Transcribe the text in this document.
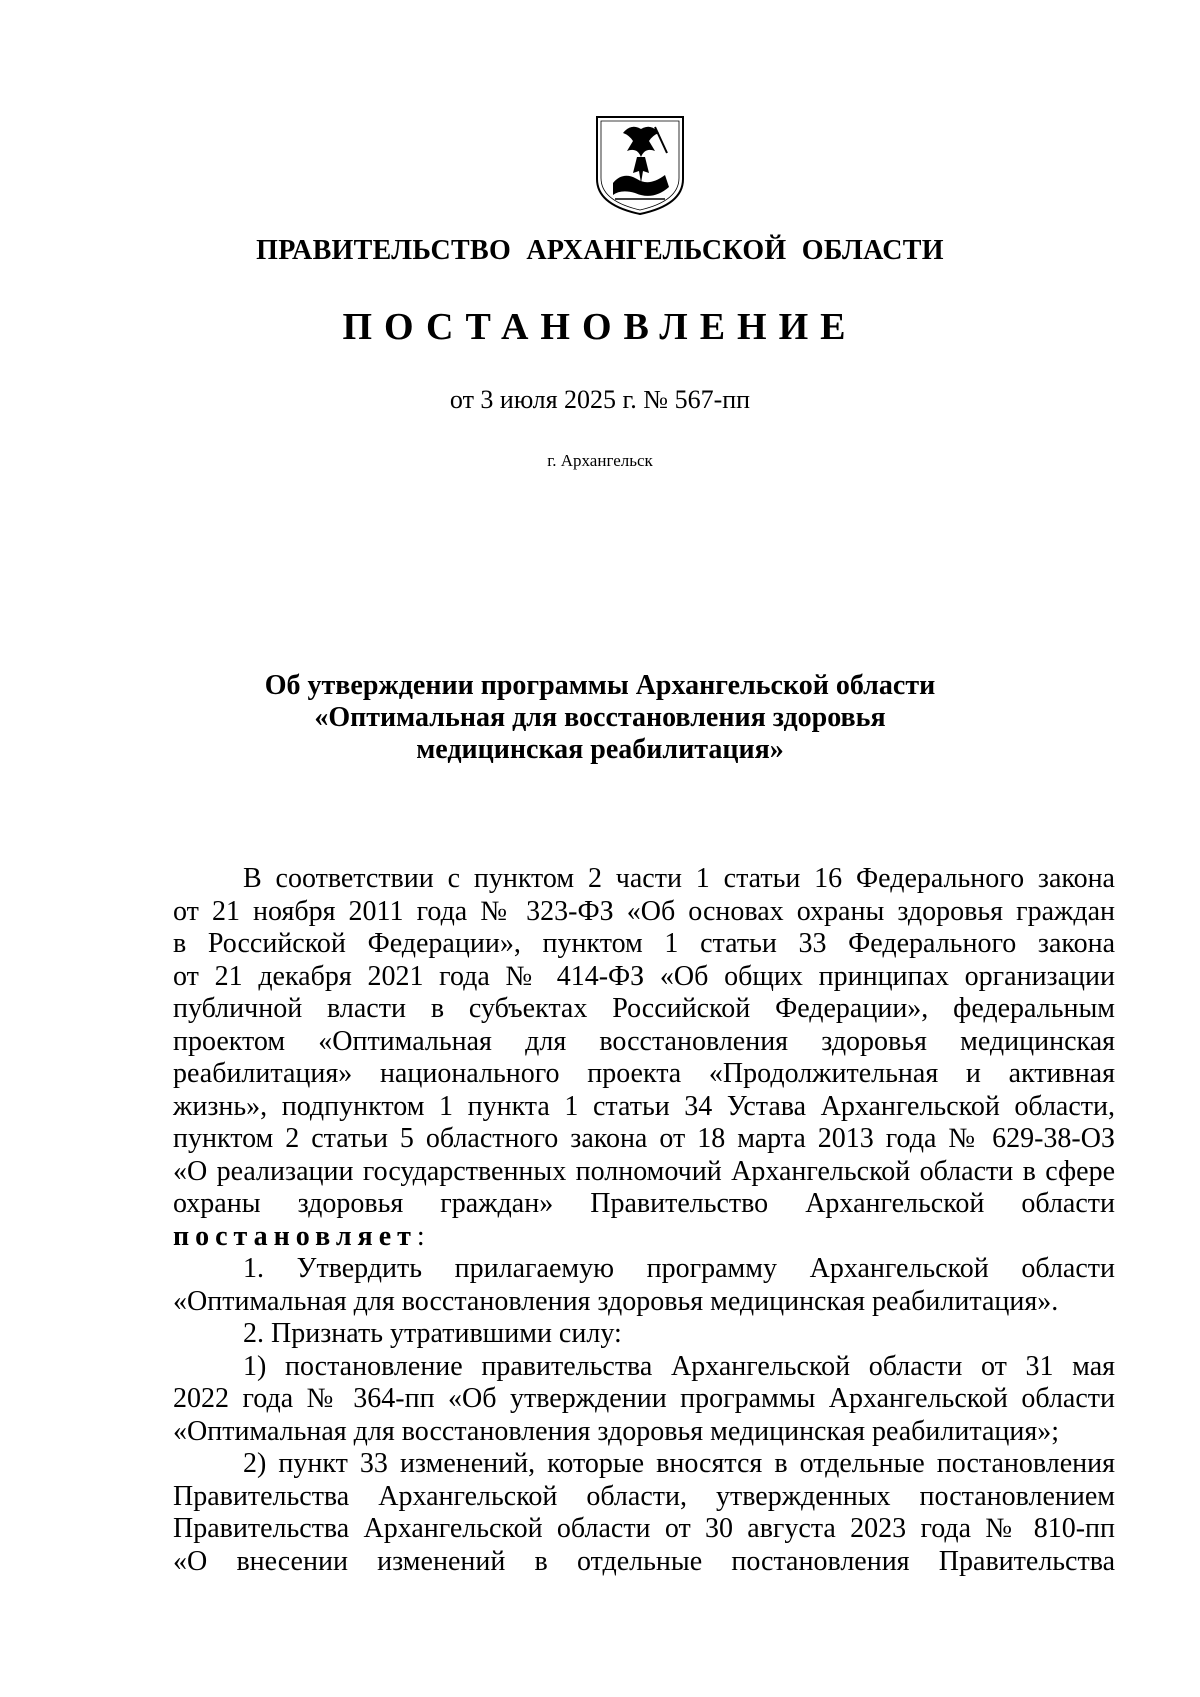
ПРАВИТЕЛЬСТВО АРХАНГЕЛЬСКОЙ ОБЛАСТИ
ПОСТАНОВЛЕНИЕ
от 3 июля 2025 г. № 567-пп
г. Архангельск
Об утверждении программы Архангельской области
«Оптимальная для восстановления здоровья
медицинская реабилитация»
В соответствии с пунктом 2 части 1 статьи 16 Федерального закона
от 21 ноября 2011 года № 323-ФЗ «Об основах охраны здоровья граждан
в Российской Федерации», пунктом 1 статьи 33 Федерального закона
от 21 декабря 2021 года № 414-ФЗ «Об общих принципах организации
публичной власти в субъектах Российской Федерации», федеральным
проектом «Оптимальная для восстановления здоровья медицинская
реабилитация» национального проекта «Продолжительная и активная
жизнь», подпунктом 1 пункта 1 статьи 34 Устава Архангельской области,
пунктом 2 статьи 5 областного закона от 18 марта 2013 года № 629-38-ОЗ
«О реализации государственных полномочий Архангельской области в сфере
охраны здоровья граждан» Правительство Архангельской области
постановляет:
1. Утвердить прилагаемую программу Архангельской области
«Оптимальная для восстановления здоровья медицинская реабилитация».
2. Признать утратившими силу:
1) постановление правительства Архангельской области от 31 мая
2022 года № 364-пп «Об утверждении программы Архангельской области
«Оптимальная для восстановления здоровья медицинская реабилитация»;
2) пункт 33 изменений, которые вносятся в отдельные постановления
Правительства Архангельской области, утвержденных постановлением
Правительства Архангельской области от 30 августа 2023 года № 810-пп
«О внесении изменений в отдельные постановления Правительства
